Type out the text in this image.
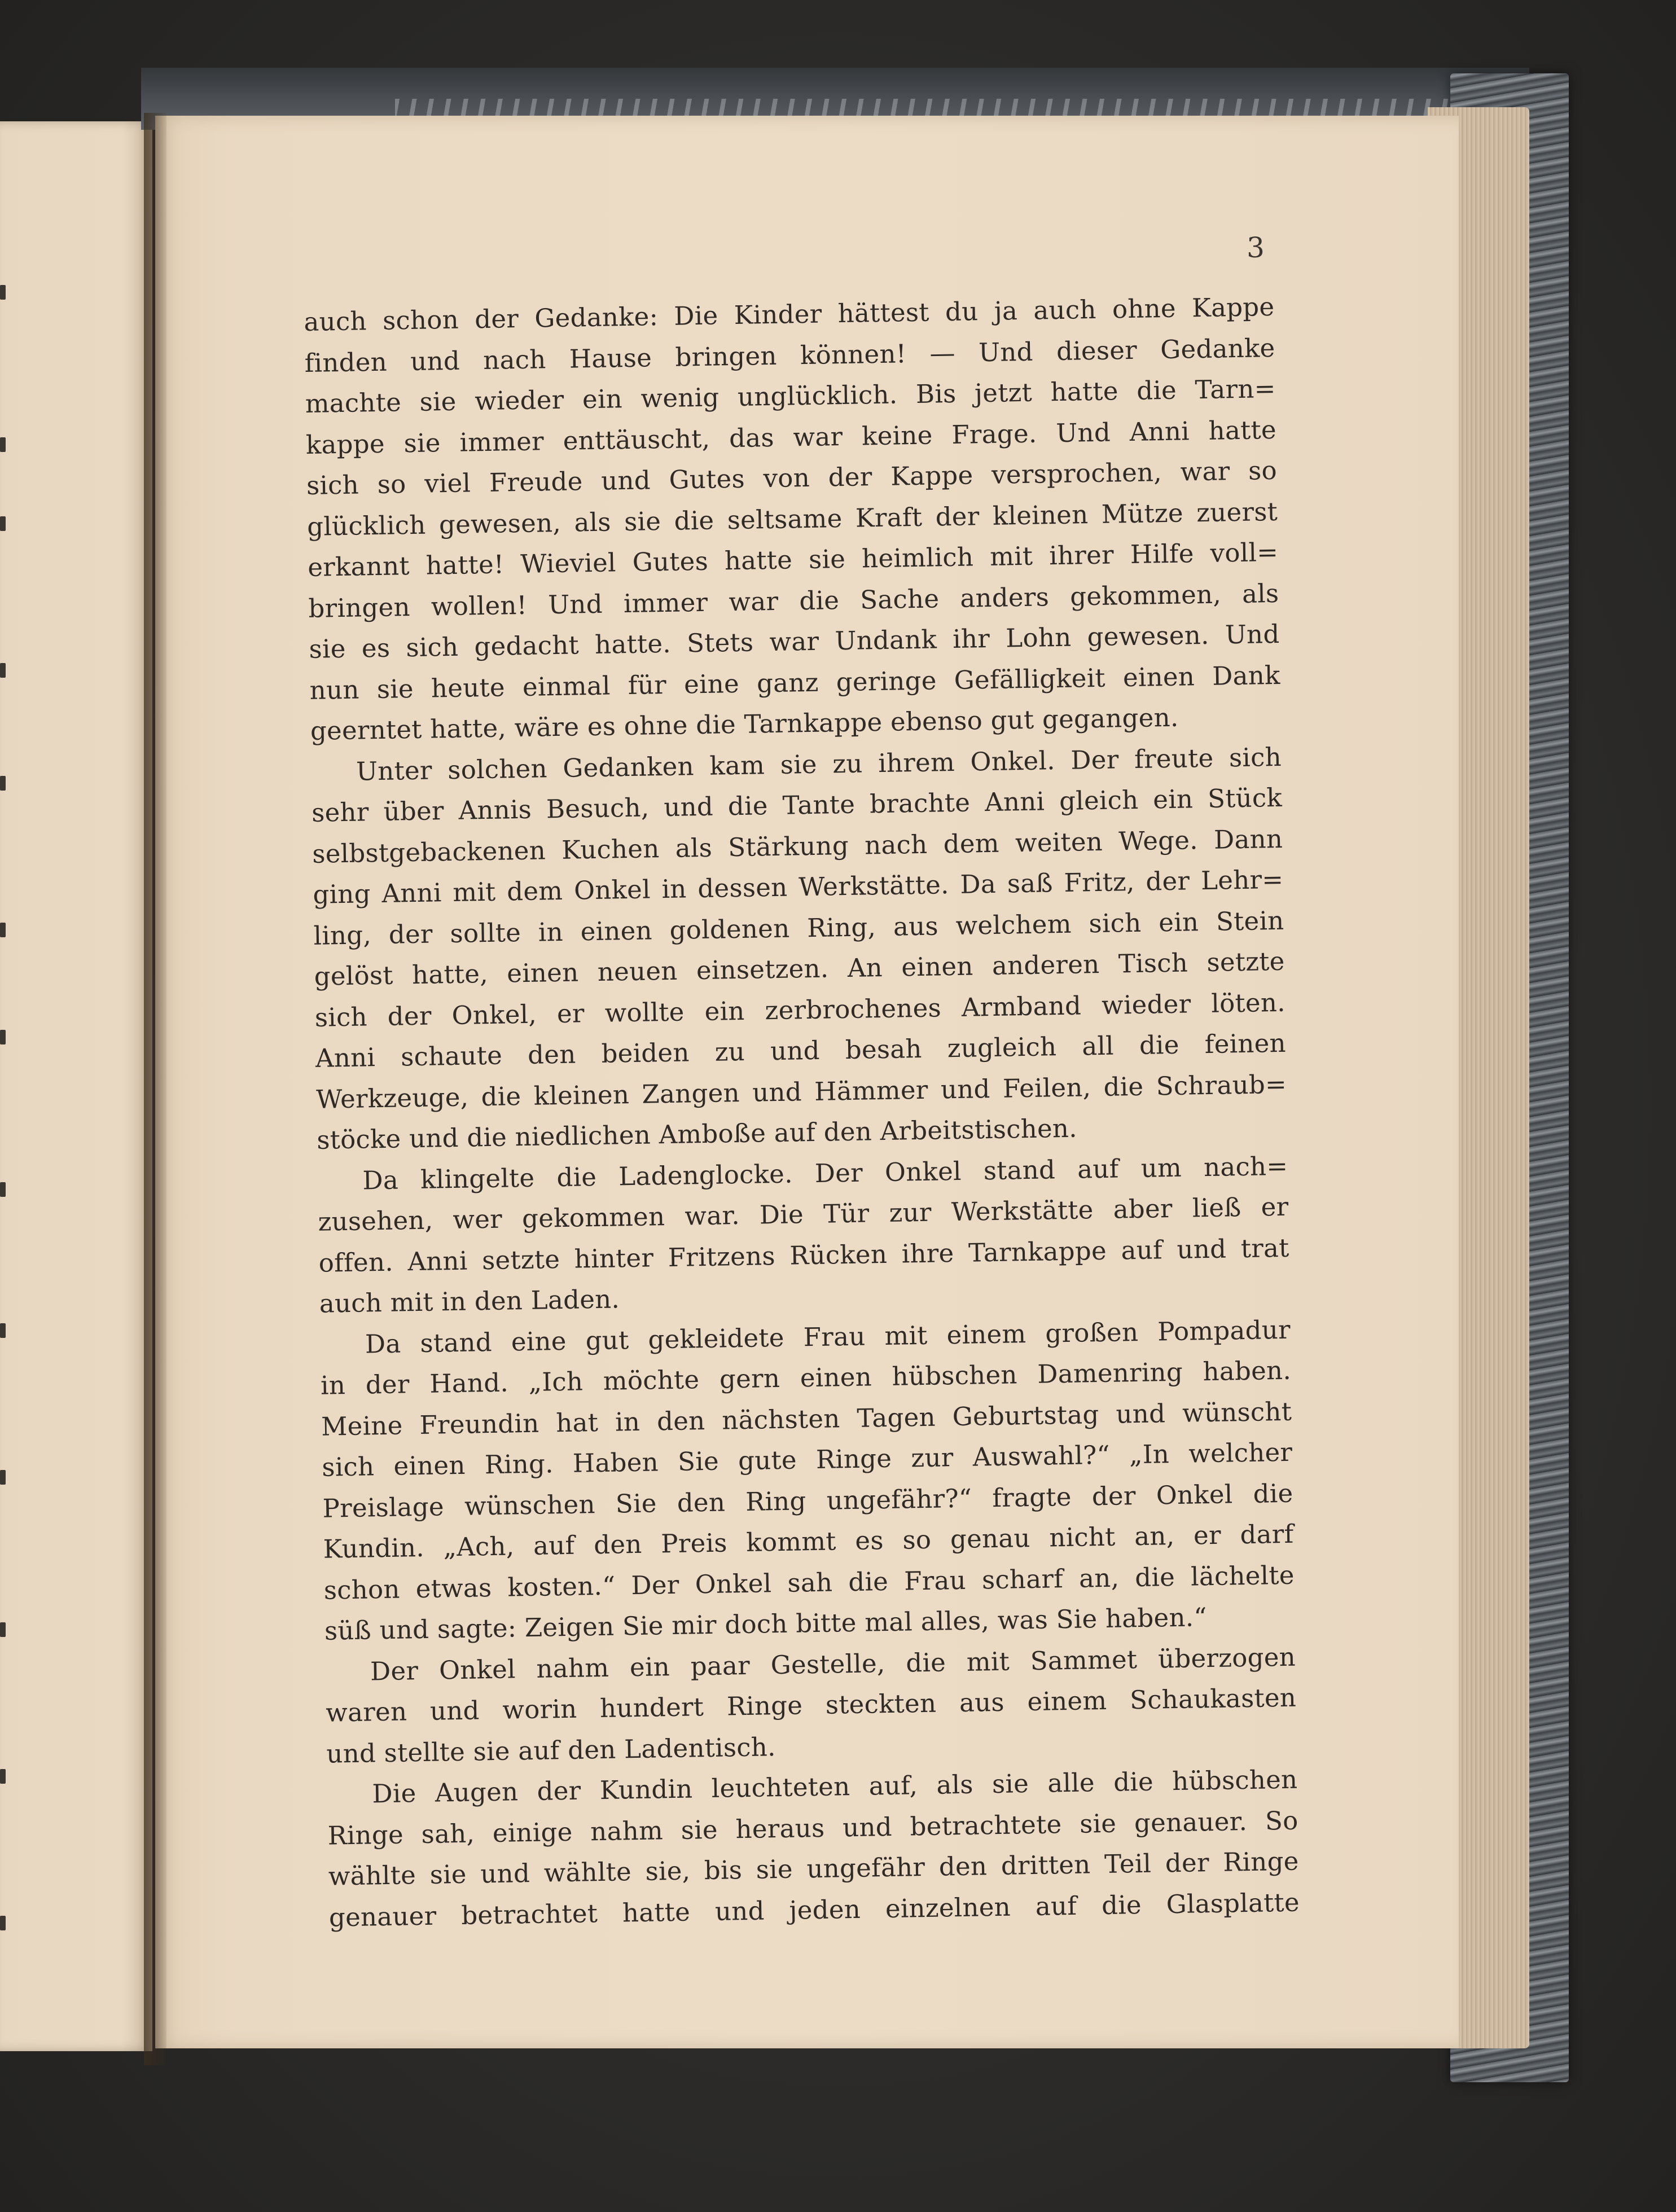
3
auch schon der Gedanke: Die Kinder hättest du ja auch ohne Kappe
finden und nach Hause bringen können! — Und dieser Gedanke
machte sie wieder ein wenig unglücklich. Bis jetzt hatte die Tarn=
kappe sie immer enttäuscht, das war keine Frage. Und Anni hatte
sich so viel Freude und Gutes von der Kappe versprochen, war so
glücklich gewesen, als sie die seltsame Kraft der kleinen Mütze zuerst
erkannt hatte! Wieviel Gutes hatte sie heimlich mit ihrer Hilfe voll=
bringen wollen! Und immer war die Sache anders gekommen, als
sie es sich gedacht hatte. Stets war Undank ihr Lohn gewesen. Und
nun sie heute einmal für eine ganz geringe Gefälligkeit einen Dank
geerntet hatte, wäre es ohne die Tarnkappe ebenso gut gegangen.
Unter solchen Gedanken kam sie zu ihrem Onkel. Der freute sich
sehr über Annis Besuch, und die Tante brachte Anni gleich ein Stück
selbstgebackenen Kuchen als Stärkung nach dem weiten Wege. Dann
ging Anni mit dem Onkel in dessen Werkstätte. Da saß Fritz, der Lehr=
ling, der sollte in einen goldenen Ring, aus welchem sich ein Stein
gelöst hatte, einen neuen einsetzen. An einen anderen Tisch setzte
sich der Onkel, er wollte ein zerbrochenes Armband wieder löten.
Anni schaute den beiden zu und besah zugleich all die feinen
Werkzeuge, die kleinen Zangen und Hämmer und Feilen, die Schraub=
stöcke und die niedlichen Amboße auf den Arbeitstischen.
Da klingelte die Ladenglocke. Der Onkel stand auf um nach=
zusehen, wer gekommen war. Die Tür zur Werkstätte aber ließ er
offen. Anni setzte hinter Fritzens Rücken ihre Tarnkappe auf und trat
auch mit in den Laden.
Da stand eine gut gekleidete Frau mit einem großen Pompadur
in der Hand. „Ich möchte gern einen hübschen Damenring haben.
Meine Freundin hat in den nächsten Tagen Geburtstag und wünscht
sich einen Ring. Haben Sie gute Ringe zur Auswahl?“ „In welcher
Preislage wünschen Sie den Ring ungefähr?“ fragte der Onkel die
Kundin. „Ach, auf den Preis kommt es so genau nicht an, er darf
schon etwas kosten.“ Der Onkel sah die Frau scharf an, die lächelte
süß und sagte: Zeigen Sie mir doch bitte mal alles, was Sie haben.“
Der Onkel nahm ein paar Gestelle, die mit Sammet überzogen
waren und worin hundert Ringe steckten aus einem Schaukasten
und stellte sie auf den Ladentisch.
Die Augen der Kundin leuchteten auf, als sie alle die hübschen
Ringe sah, einige nahm sie heraus und betrachtete sie genauer. So
wählte sie und wählte sie, bis sie ungefähr den dritten Teil der Ringe
genauer betrachtet hatte und jeden einzelnen auf die Glasplatte
